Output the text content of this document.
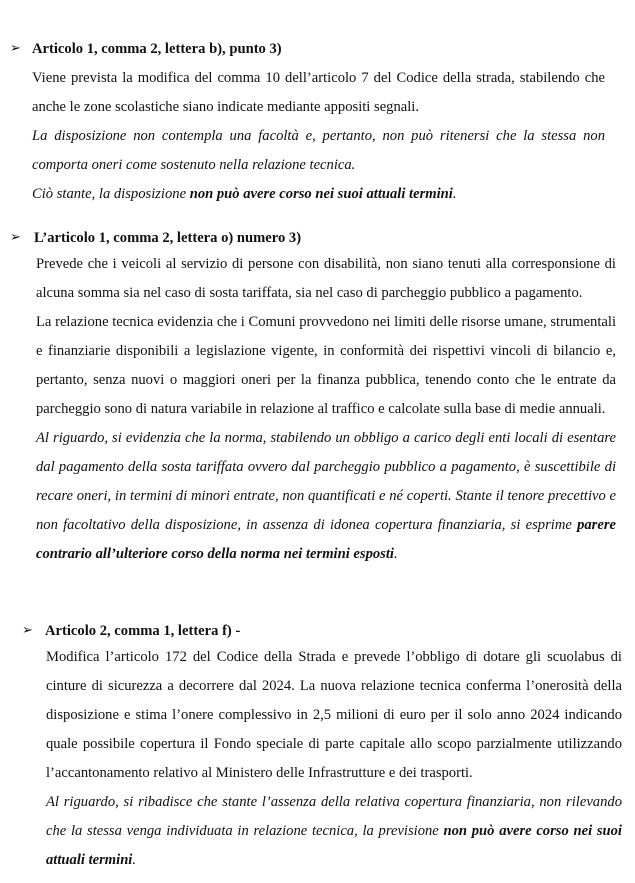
➢ Articolo 1, comma 2, lettera b), punto 3)

Viene prevista la modifica del comma 10 dell’articolo 7 del Codice della strada, stabilendo che anche le zone scolastiche siano indicate mediante appositi segnali.

La disposizione non contempla una facoltà e, pertanto, non può ritenersi che la stessa non comporta oneri come sostenuto nella relazione tecnica.

Ciò stante, la disposizione non può avere corso nei suoi attuali termini.

➢ L’articolo 1, comma 2, lettera o) numero 3)

Prevede che i veicoli al servizio di persone con disabilità, non siano tenuti alla corresponsione di alcuna somma sia nel caso di sosta tariffata, sia nel caso di parcheggio pubblico a pagamento.

La relazione tecnica evidenzia che i Comuni provvedono nei limiti delle risorse umane, strumentali e finanziarie disponibili a legislazione vigente, in conformità dei rispettivi vincoli di bilancio e, pertanto, senza nuovi o maggiori oneri per la finanza pubblica, tenendo conto che le entrate da parcheggio sono di natura variabile in relazione al traffico e calcolate sulla base di medie annuali.

Al riguardo, si evidenzia che la norma, stabilendo un obbligo a carico degli enti locali di esentare dal pagamento della sosta tariffata ovvero dal parcheggio pubblico a pagamento, è suscettibile di recare oneri, in termini di minori entrate, non quantificati e né coperti. Stante il tenore precettivo e non facoltativo della disposizione, in assenza di idonea copertura finanziaria, si esprime parere contrario all’ulteriore corso della norma nei termini esposti.

➢ Articolo 2, comma 1, lettera f) -

Modifica l’articolo 172 del Codice della Strada e prevede l’obbligo di dotare gli scuolabus di cinture di sicurezza a decorrere dal 2024. La nuova relazione tecnica conferma l’onerosità della disposizione e stima l’onere complessivo in 2,5 milioni di euro per il solo anno 2024 indicando quale possibile copertura il Fondo speciale di parte capitale allo scopo parzialmente utilizzando l’accantonamento relativo al Ministero delle Infrastrutture e dei trasporti.

Al riguardo, si ribadisce che stante l’assenza della relativa copertura finanziaria, non rilevando che la stessa venga individuata in relazione tecnica, la previsione non può avere corso nei suoi attuali termini.
